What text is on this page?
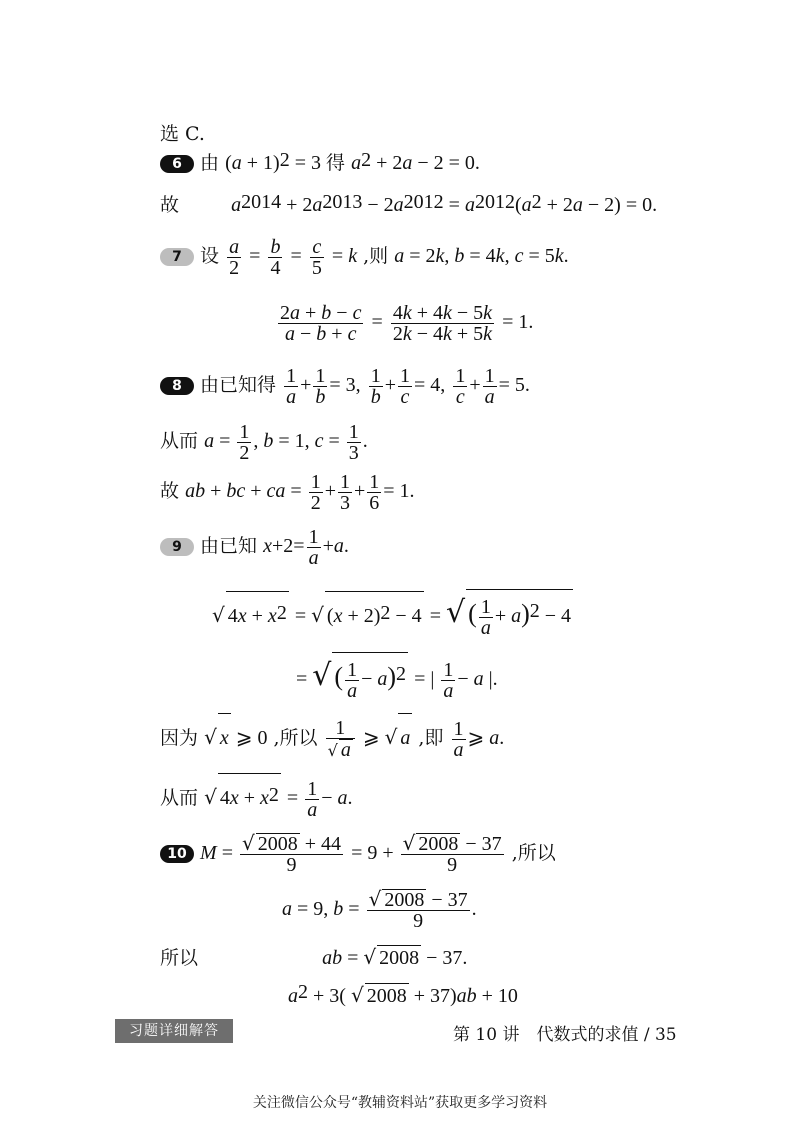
选 C.
6 由 $(a + 1)^2 = 3$ 得 $a^2 + 2a - 2 = 0$.
故	$a^{2014} + 2a^{2013} - 2a^{2012} = a^{2012}(a^2 + 2a - 2) = 0$.
7 设 $\frac{a}{2} = \frac{b}{4} = \frac{c}{5} = k$ ,则 a = 2k, b = 4k, c = 5k.
$\frac{2a + b - c}{a - b + c} = \frac{4k + 4k - 5k}{2k - 4k + 5k} = 1$.
8 由已知得 $\frac{1}{a} + \frac{1}{b} = 3$, $\frac{1}{b} + \frac{1}{c} = 4$, $\frac{1}{c} + \frac{1}{a} = 5$.
从而 $a = \frac{1}{2}$ , b = 1, $c = \frac{1}{3}$ .
故 ab + bc + ca = $\frac{1}{2} + \frac{1}{3} + \frac{1}{6} = 1$.
9 由已知 $x+2= \frac{1}{a} +a$.
√ $4x + x^2$ = √ $(x + 2)^2 - 4$ = √ ( $\frac{1}{a} + a)^2 - 4$
= √ ( $\frac{1}{a} - a)^2$ = | $\frac{1}{a} - a$ |.
因为 √ x ⩾ 0 ,所以 $\frac{1}{√ a}$ ⩾ √ a ,即 $\frac{1}{a}$ ⩾ a.
从而 √ $4x + x^2 = \frac{1}{a} - a$.
10 $M = \frac{√ 2008 + 44}{9} = 9 + \frac{√ 2008 - 37}{9}$ ,所以
a = 9, $b = \frac{√ 2008 - 37}{9}$ .
所以	ab = √ 2008 − 37.
$a^2 + 3$( √ 2008 + 37)ab + 10
习题详细解答	第 10 讲　代数式的求值 / 35
关注微信公众号“教辅资料站”获取更多学习资料
